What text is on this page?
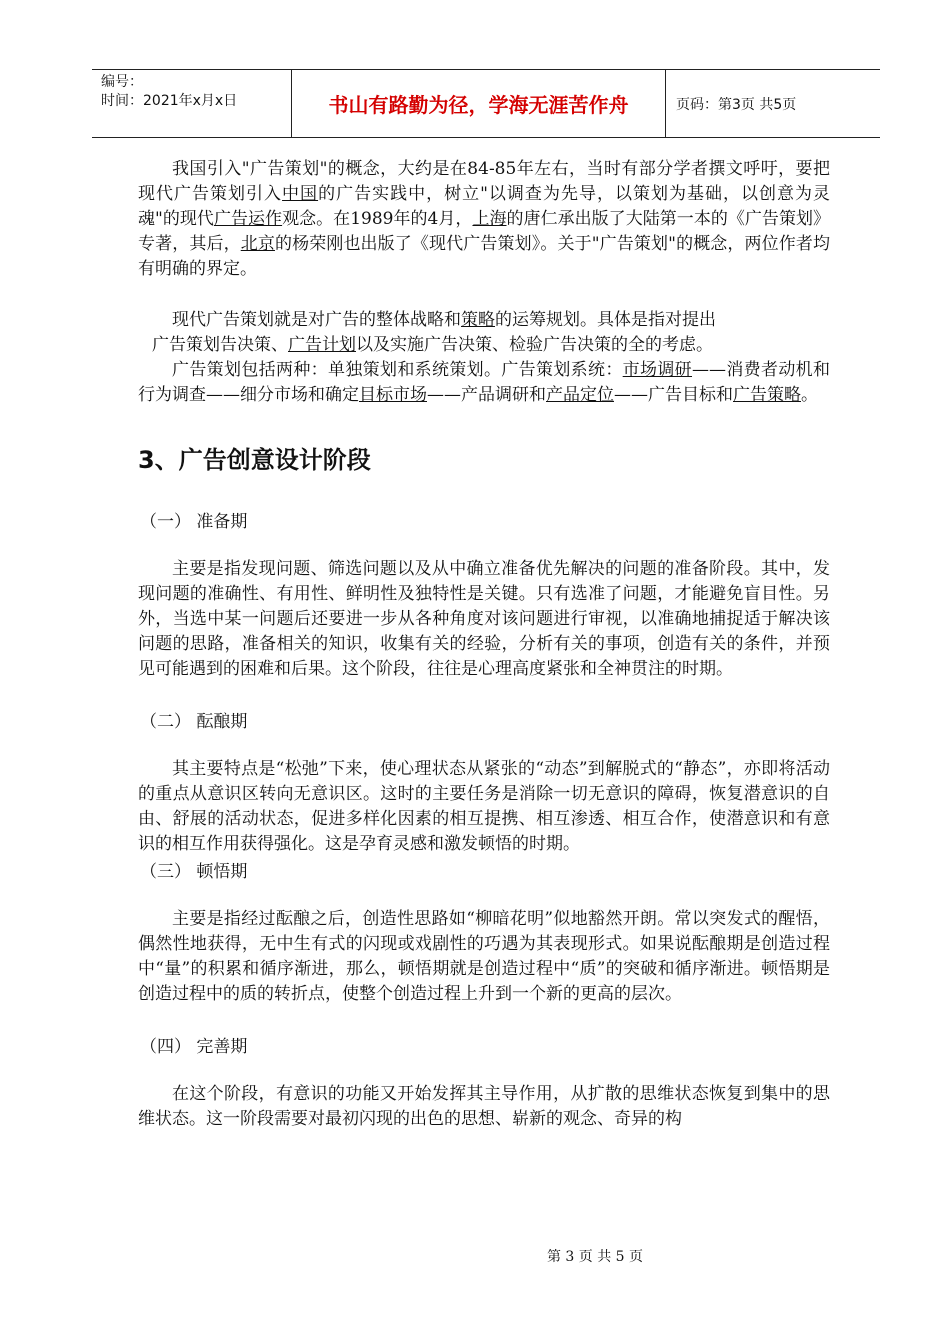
编号：
时间：2021年x月x日	书山有路勤为径，学海无涯苦作舟	页码：第3页 共5页

我国引入"广告策划"的概念，大约是在84-85年左右，当时有部分学者撰文呼吁，要把现代广告策划引入中国的广告实践中，树立"以调查为先导，以策划为基础，以创意为灵魂"的现代广告运作观念。在1989年的4月，上海的唐仁承出版了大陆第一本的《广告策划》专著，其后，北京的杨荣刚也出版了《现代广告策划》。关于"广告策划"的概念，两位作者均有明确的界定。

现代广告策划就是对广告的整体战略和策略的运筹规划。具体是指对提出

广告策划告决策、广告计划以及实施广告决策、检验广告决策的全的考虑。

广告策划包括两种：单独策划和系统策划。广告策划系统：市场调研——消费者动机和行为调查——细分市场和确定目标市场——产品调研和产品定位——广告目标和广告策略。

3、广告创意设计阶段

（一） 准备期

主要是指发现问题、筛选问题以及从中确立准备优先解决的问题的准备阶段。其中，发现问题的准确性、有用性、鲜明性及独特性是关键。只有选准了问题，才能避免盲目性。另外，当选中某一问题后还要进一步从各种角度对该问题进行审视，以准确地捕捉适于解决该问题的思路，准备相关的知识，收集有关的经验，分析有关的事项，创造有关的条件，并预见可能遇到的困难和后果。这个阶段，往往是心理高度紧张和全神贯注的时期。

（二） 酝酿期

其主要特点是“松弛”下来，使心理状态从紧张的“动态”到解脱式的“静态”，亦即将活动的重点从意识区转向无意识区。这时的主要任务是消除一切无意识的障碍，恢复潜意识的自由、舒展的活动状态，促进多样化因素的相互提携、相互渗透、相互合作，使潜意识和有意识的相互作用获得强化。这是孕育灵感和激发顿悟的时期。

（三） 顿悟期

主要是指经过酝酿之后，创造性思路如“柳暗花明”似地豁然开朗。常以突发式的醒悟，偶然性地获得，无中生有式的闪现或戏剧性的巧遇为其表现形式。如果说酝酿期是创造过程中“量”的积累和循序渐进，那么，顿悟期就是创造过程中“质”的突破和循序渐进。顿悟期是创造过程中的质的转折点，使整个创造过程上升到一个新的更高的层次。

（四） 完善期

在这个阶段，有意识的功能又开始发挥其主导作用，从扩散的思维状态恢复到集中的思维状态。这一阶段需要对最初闪现的出色的思想、崭新的观念、奇异的构

第 3 页 共 5 页
